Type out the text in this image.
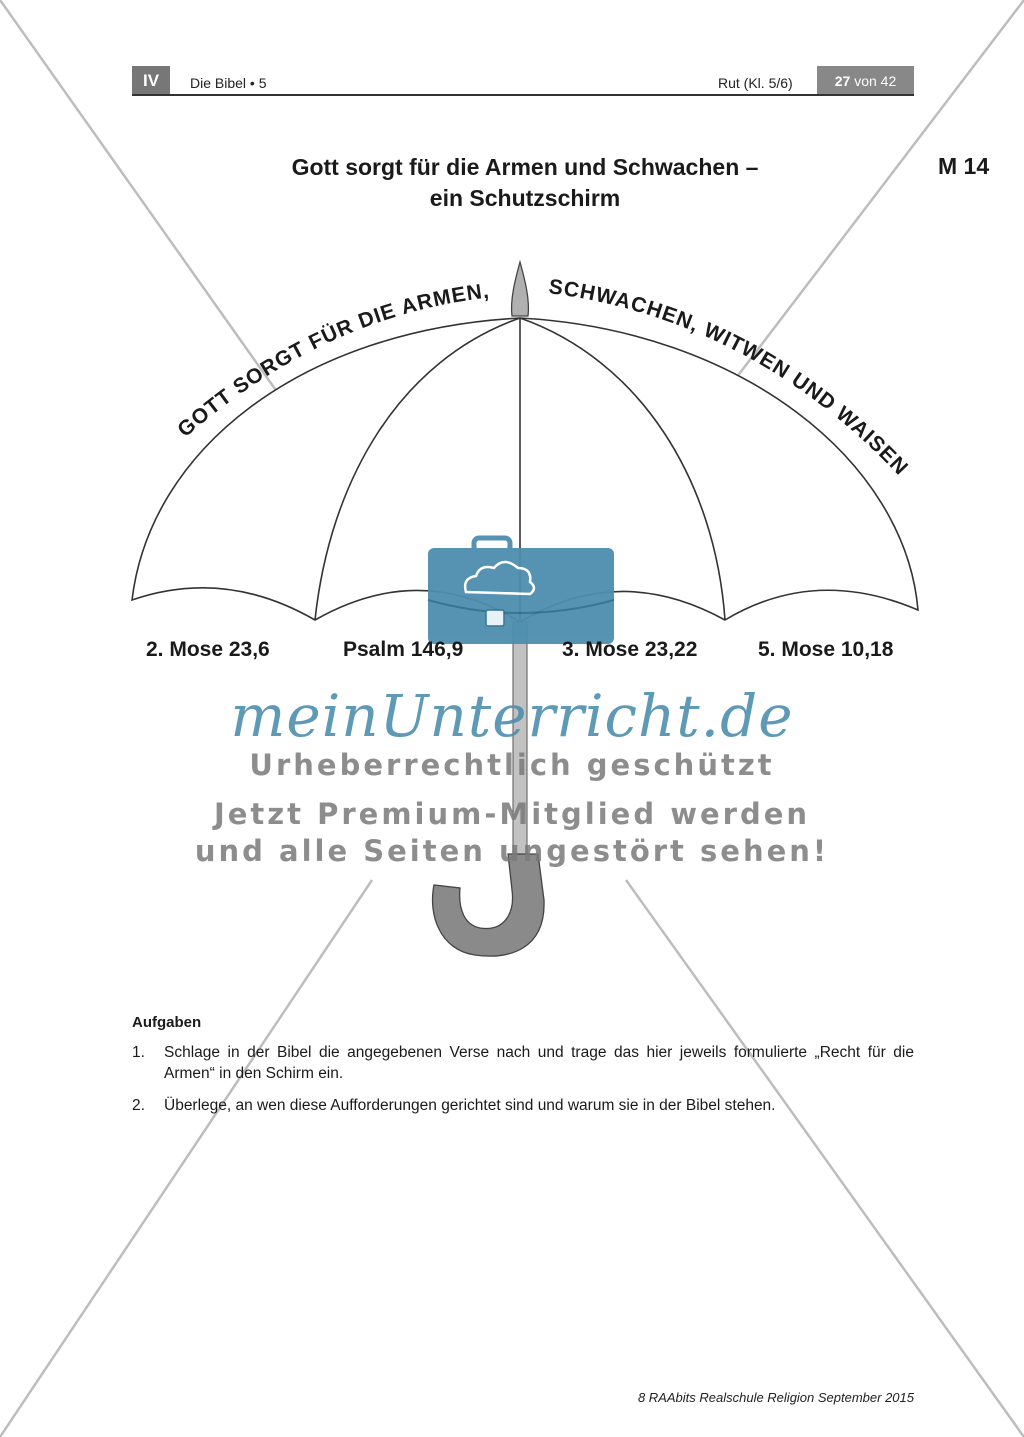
IV	Die Bibel • 5	Rut (Kl. 5/6)	27 von 42
Gott sorgt für die Armen und Schwachen –
ein Schutzschirm
M 14
GOTT SORGT FÜR DIE ARMEN,	SCHWACHEN, WITWEN UND WAISEN
2. Mose 23,6	Psalm 146,9	3. Mose 23,22	5. Mose 10,18
meinUnterricht.de
Urheberrechtlich geschützt
Jetzt Premium-Mitglied werden
und alle Seiten ungestört sehen!
Aufgaben
1. Schlage in der Bibel die angegebenen Verse nach und trage das hier jeweils formulierte „Recht für die Armen“ in den Schirm ein.
2. Überlege, an wen diese Aufforderungen gerichtet sind und warum sie in der Bibel stehen.
8 RAAbits Realschule Religion September 2015
